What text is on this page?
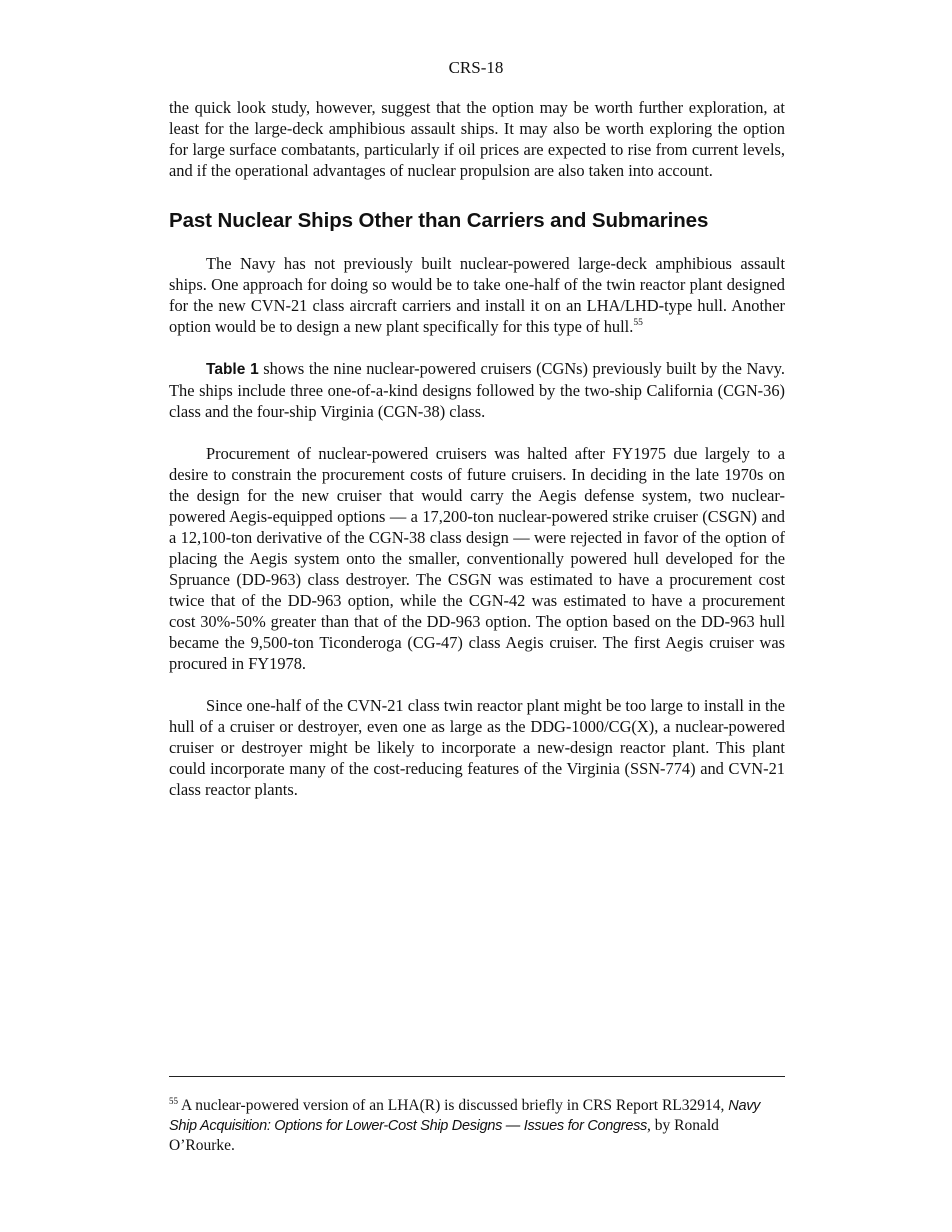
CRS-18

the quick look study, however, suggest that the option may be worth further exploration, at least for the large-deck amphibious assault ships. It may also be worth exploring the option for large surface combatants, particularly if oil prices are expected to rise from current levels, and if the operational advantages of nuclear propulsion are also taken into account.

Past Nuclear Ships Other than Carriers and Submarines

The Navy has not previously built nuclear-powered large-deck amphibious assault ships. One approach for doing so would be to take one-half of the twin reactor plant designed for the new CVN-21 class aircraft carriers and install it on an LHA/LHD-type hull. Another option would be to design a new plant specifically for this type of hull.$^{55}$

Table 1 shows the nine nuclear-powered cruisers (CGNs) previously built by the Navy. The ships include three one-of-a-kind designs followed by the two-ship California (CGN-36) class and the four-ship Virginia (CGN-38) class.

Procurement of nuclear-powered cruisers was halted after FY1975 due largely to a desire to constrain the procurement costs of future cruisers. In deciding in the late 1970s on the design for the new cruiser that would carry the Aegis defense system, two nuclear-powered Aegis-equipped options — a 17,200-ton nuclear-powered strike cruiser (CSGN) and a 12,100-ton derivative of the CGN-38 class design — were rejected in favor of the option of placing the Aegis system onto the smaller, conventionally powered hull developed for the Spruance (DD-963) class destroyer. The CSGN was estimated to have a procurement cost twice that of the DD-963 option, while the CGN-42 was estimated to have a procurement cost 30%-50% greater than that of the DD-963 option. The option based on the DD-963 hull became the 9,500-ton Ticonderoga (CG-47) class Aegis cruiser. The first Aegis cruiser was procured in FY1978.

Since one-half of the CVN-21 class twin reactor plant might be too large to install in the hull of a cruiser or destroyer, even one as large as the DDG-1000/CG(X), a nuclear-powered cruiser or destroyer might be likely to incorporate a new-design reactor plant. This plant could incorporate many of the cost-reducing features of the Virginia (SSN-774) and CVN-21 class reactor plants.

$^{55}$ A nuclear-powered version of an LHA(R) is discussed briefly in CRS Report RL32914, Navy Ship Acquisition: Options for Lower-Cost Ship Designs — Issues for Congress, by Ronald O’Rourke.
